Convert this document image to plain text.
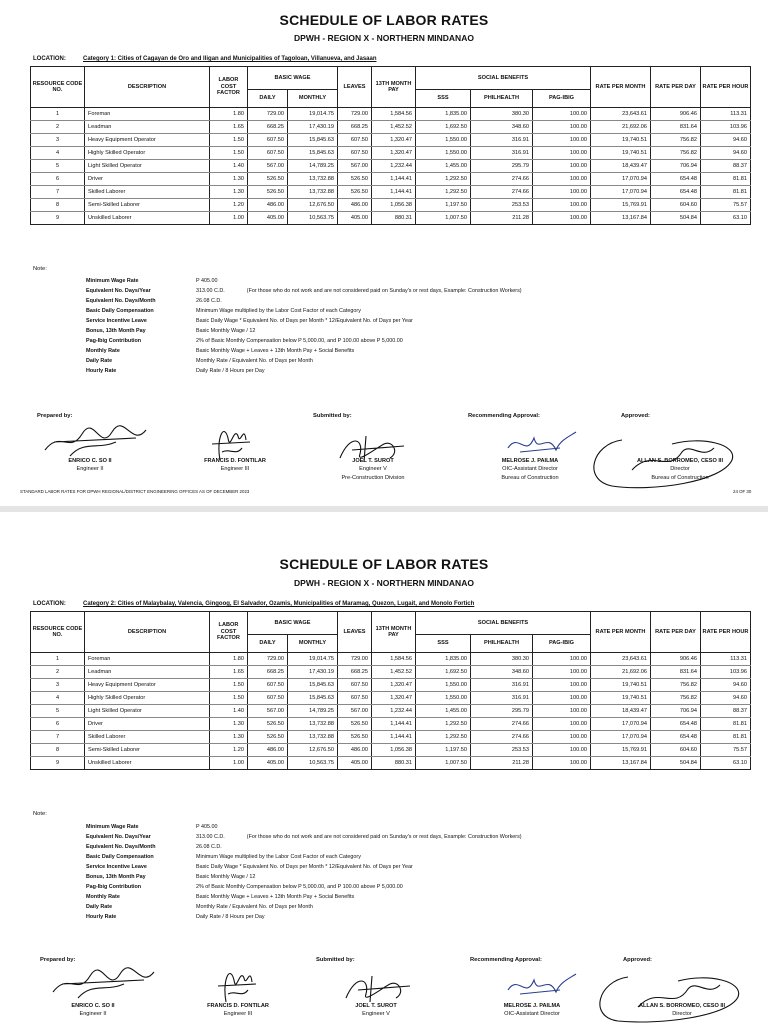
SCHEDULE OF LABOR RATES
DPWH - REGION X - NORTHERN MINDANAO
LOCATION:	Category 1: Cities of Cagayan de Oro and Iligan and Municipalities of Tagoloan, Villanueva, and Jasaan
RESOURCE CODE NO.	DESCRIPTION	LABOR COST FACTOR	BASIC WAGE		LEAVES	13TH MONTH PAY	SOCIAL BENEFITS			RATE PER MONTH	RATE PER DAY	RATE PER HOUR
			DAILY	MONTHLY			SSS	PHILHEALTH	PAG-IBIG			
1	Foreman	1.80	729.00	19,014.75	729.00	1,584.56	1,835.00	380.30	100.00	23,643.61	906.46	113.31
2	Leadman	1.65	668.25	17,430.19	668.25	1,452.52	1,692.50	348.60	100.00	21,692.06	831.64	103.96
3	Heavy Equipment Operator	1.50	607.50	15,845.63	607.50	1,320.47	1,550.00	316.91	100.00	19,740.51	756.82	94.60
4	Highly Skilled Operator	1.50	607.50	15,845.63	607.50	1,320.47	1,550.00	316.91	100.00	19,740.51	756.82	94.60
5	Light Skilled Operator	1.40	567.00	14,789.25	567.00	1,232.44	1,455.00	295.79	100.00	18,439.47	706.94	88.37
6	Driver	1.30	526.50	13,732.88	526.50	1,144.41	1,292.50	274.66	100.00	17,070.94	654.48	81.81
7	Skilled Laborer	1.30	526.50	13,732.88	526.50	1,144.41	1,292.50	274.66	100.00	17,070.94	654.48	81.81
8	Semi-Skilled Laborer	1.20	486.00	12,676.50	486.00	1,056.38	1,197.50	253.53	100.00	15,769.91	604.60	75.57
9	Unskilled Laborer	1.00	405.00	10,563.75	405.00	880.31	1,007.50	211.28	100.00	13,167.84	504.84	63.10
Note:
Minimum Wage Rate	P 405.00
Equivalent No. Days/Year	313.00 C.D.	(For those who do not work and are not considered paid on Sunday's or rest days, Example: Construction Workers)
Equivalent No. Days/Month	26.08 C.D.
Basic Daily Compensation	Minimum Wage multiplied by the Labor Cost Factor of each Category
Service Incentive Leave	Basic Daily Wage * Equivalent No. of Days per Month * 12/Equivalent No. of Days per Year
Bonus, 13th Month Pay	Basic Monthly Wage / 12
Pag-Ibig Contribution	2% of Basic Monthly Compensation below P 5,000.00, and P 100.00 above P 5,000.00
Monthly Rate	Basic Monthly Wage + Leaves + 13th Month Pay + Social Benefits
Daily Rate	Monthly Rate / Equivalent No. of Days per Month
Hourly Rate	Daily Rate / 8 Hours per Day
Prepared by:	Submitted by:	Recommending Approval:	Approved:
ENRICO C. SO II
Engineer II
FRANCIS D. FONTILAR
Engineer III
JOEL T. SUROT
Engineer V
Pre-Construction Division
MELROSE J. PAILMA
OIC-Assistant Director
Bureau of Construction
ALLAN S. BORROMEO, CESO III
Director
Bureau of Construction
STANDARD LABOR RATES FOR DPWH REGIONAL/DISTRICT ENGINEERING OFFICES AS OF DECEMBER 2023	24 OF 30
SCHEDULE OF LABOR RATES
DPWH - REGION X - NORTHERN MINDANAO
LOCATION:	Category 2: Cities of Malaybalay, Valencia, Gingoog, El Salvador, Ozamis, Municipalities of Maramag, Quezon, Lugait, and Monolo Fortich
RESOURCE CODE NO.	DESCRIPTION	LABOR COST FACTOR	BASIC WAGE		LEAVES	13TH MONTH PAY	SOCIAL BENEFITS			RATE PER MONTH	RATE PER DAY	RATE PER HOUR
			DAILY	MONTHLY			SSS	PHILHEALTH	PAG-IBIG			
1	Foreman	1.80	729.00	19,014.75	729.00	1,584.56	1,835.00	380.30	100.00	23,643.61	906.46	113.31
2	Leadman	1.65	668.25	17,430.19	668.25	1,452.52	1,692.50	348.60	100.00	21,692.06	831.64	103.96
3	Heavy Equipment Operator	1.50	607.50	15,845.63	607.50	1,320.47	1,550.00	316.91	100.00	19,740.51	756.82	94.60
4	Highly Skilled Operator	1.50	607.50	15,845.63	607.50	1,320.47	1,550.00	316.91	100.00	19,740.51	756.82	94.60
5	Light Skilled Operator	1.40	567.00	14,789.25	567.00	1,232.44	1,455.00	295.79	100.00	18,439.47	706.94	88.37
6	Driver	1.30	526.50	13,732.88	526.50	1,144.41	1,292.50	274.66	100.00	17,070.94	654.48	81.81
7	Skilled Laborer	1.30	526.50	13,732.88	526.50	1,144.41	1,292.50	274.66	100.00	17,070.94	654.48	81.81
8	Semi-Skilled Laborer	1.20	486.00	12,676.50	486.00	1,056.38	1,197.50	253.53	100.00	15,769.91	604.60	75.57
9	Unskilled Laborer	1.00	405.00	10,563.75	405.00	880.31	1,007.50	211.28	100.00	13,167.84	504.84	63.10
Note:
Minimum Wage Rate	P 405.00
Equivalent No. Days/Year	313.00 C.D.	(For those who do not work and are not considered paid on Sunday's or rest days, Example: Construction Workers)
Equivalent No. Days/Month	26.08 C.D.
Basic Daily Compensation	Minimum Wage multiplied by the Labor Cost Factor of each Category
Service Incentive Leave	Basic Daily Wage * Equivalent No. of Days per Month * 12/Equivalent No. of Days per Year
Bonus, 13th Month Pay	Basic Monthly Wage / 12
Pag-Ibig Contribution	2% of Basic Monthly Compensation below P 5,000.00, and P 100.00 above P 5,000.00
Monthly Rate	Basic Monthly Wage + Leaves + 13th Month Pay + Social Benefits
Daily Rate	Monthly Rate / Equivalent No. of Days per Month
Hourly Rate	Daily Rate / 8 Hours per Day
Prepared by:	Submitted by:	Recommending Approval:	Approved:
ENRICO C. SO II
Engineer II
FRANCIS D. FONTILAR
Engineer III
JOEL T. SUROT
Engineer V
MELROSE J. PAILMA
OIC-Assistant Director
ALLAN S. BORROMEO, CESO III
Director
